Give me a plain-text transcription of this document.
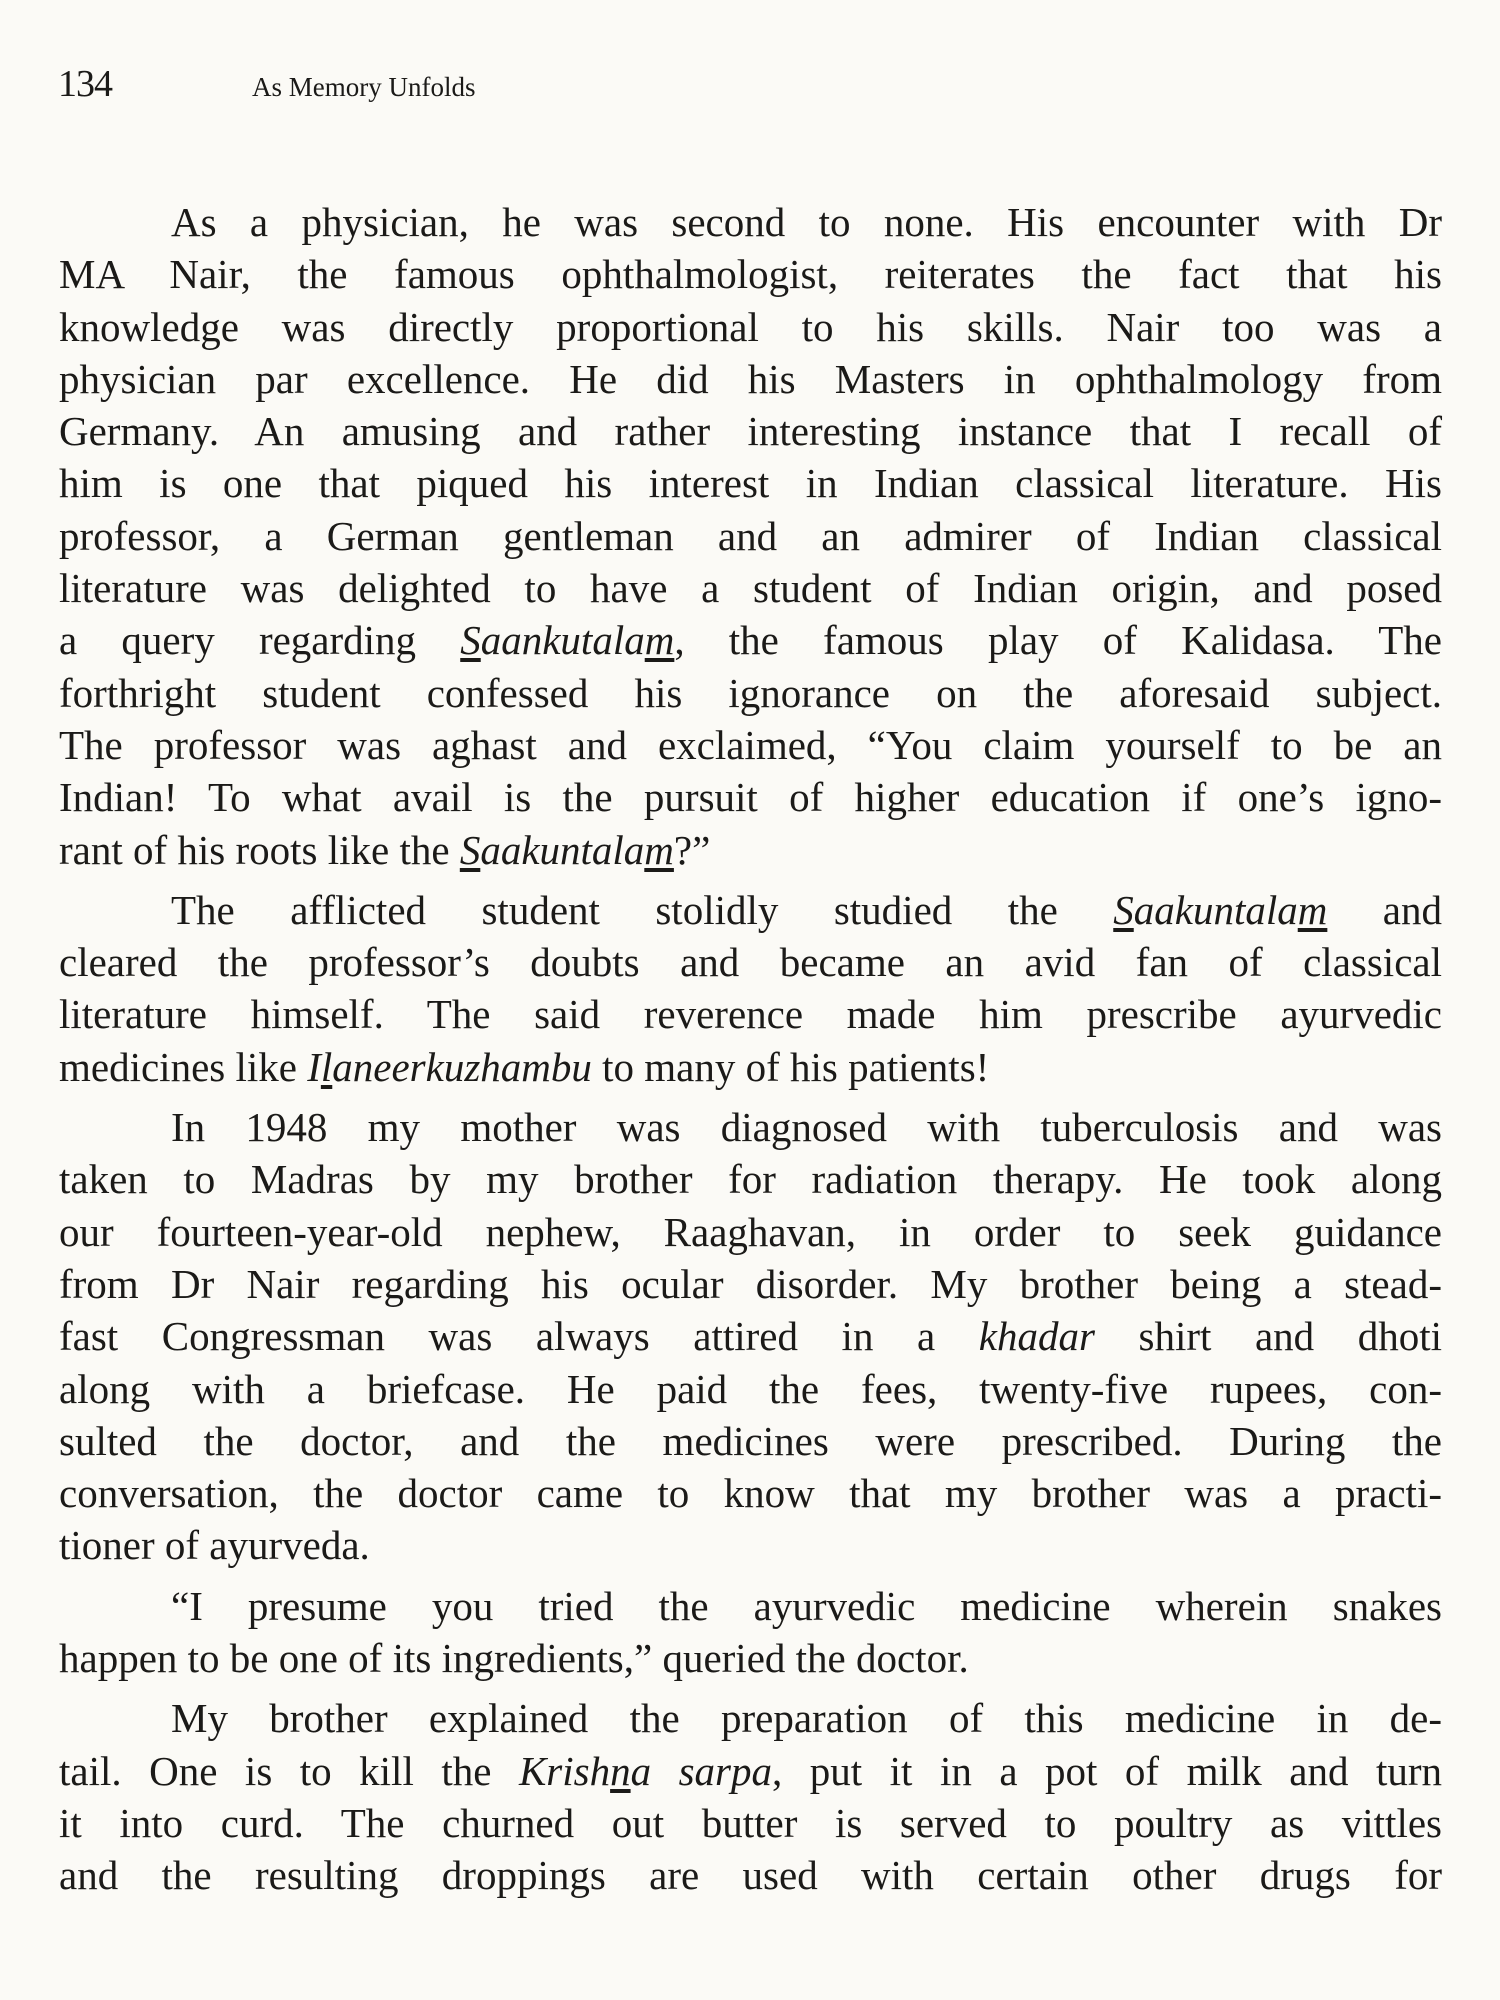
134	As Memory Unfolds
As a physician, he was second to none. His encounter with Dr
MA Nair, the famous ophthalmologist, reiterates the fact that his
knowledge was directly proportional to his skills. Nair too was a
physician par excellence. He did his Masters in ophthalmology from
Germany. An amusing and rather interesting instance that I recall of
him is one that piqued his interest in Indian classical literature. His
professor, a German gentleman and an admirer of Indian classical
literature was delighted to have a student of Indian origin, and posed
a query regarding Saankutalam, the famous play of Kalidasa. The
forthright student confessed his ignorance on the aforesaid subject.
The professor was aghast and exclaimed, “You claim yourself to be an
Indian! To what avail is the pursuit of higher education if one’s igno-
rant of his roots like the Saakuntalam?”
The afflicted student stolidly studied the Saakuntalam and
cleared the professor’s doubts and became an avid fan of classical
literature himself. The said reverence made him prescribe ayurvedic
medicines like Ilaneerkuzhambu to many of his patients!
In 1948 my mother was diagnosed with tuberculosis and was
taken to Madras by my brother for radiation therapy. He took along
our fourteen-year-old nephew, Raaghavan, in order to seek guidance
from Dr Nair regarding his ocular disorder. My brother being a stead-
fast Congressman was always attired in a khadar shirt and dhoti
along with a briefcase. He paid the fees, twenty-five rupees, con-
sulted the doctor, and the medicines were prescribed. During the
conversation, the doctor came to know that my brother was a practi-
tioner of ayurveda.
“I presume you tried the ayurvedic medicine wherein snakes
happen to be one of its ingredients,” queried the doctor.
My brother explained the preparation of this medicine in de-
tail. One is to kill the Krishna sarpa, put it in a pot of milk and turn
it into curd. The churned out butter is served to poultry as vittles
and the resulting droppings are used with certain other drugs for
